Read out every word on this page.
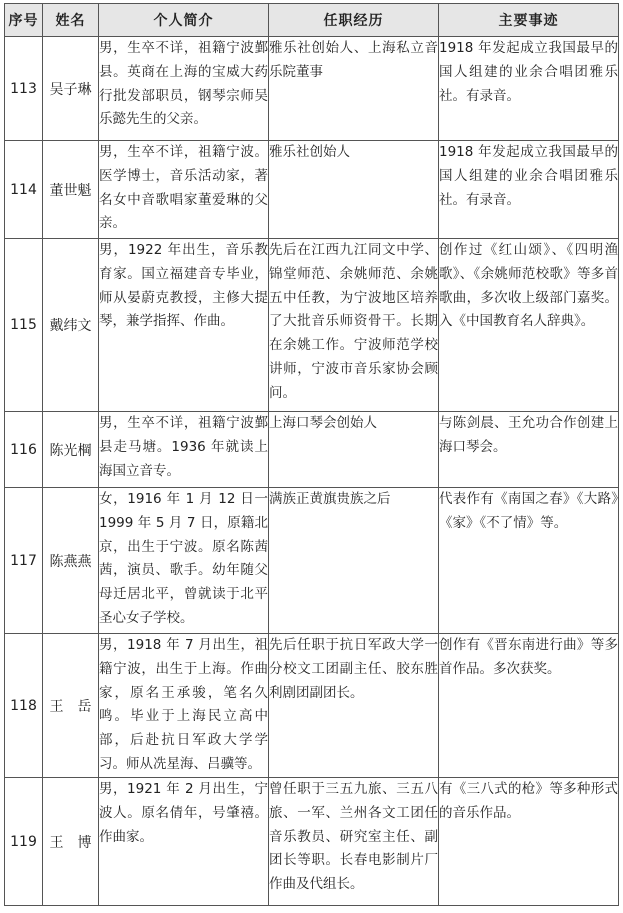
序号	姓名	个人简介	任职经历	主要事迹
113	吴子琳	男，生卒不详，祖籍宁波鄞县。英商在上海的宝威大药行批发部职员，钢琴宗师吴乐懿先生的父亲。	雅乐社创始人、上海私立音乐院董事	1918 年发起成立我国最早的国人组建的业余合唱团雅乐社。有录音。
114	董世魁	男，生卒不详，祖籍宁波。医学博士，音乐活动家，著名女中音歌唱家董爱琳的父亲。	雅乐社创始人	1918 年发起成立我国最早的国人组建的业余合唱团雅乐社。有录音。
115	戴纬文	男，1922 年出生，音乐教育家。国立福建音专毕业，师从晏蔚克教授，主修大提琴，兼学指挥、作曲。	先后在江西九江同文中学、锦堂师范、余姚师范、余姚五中任教，为宁波地区培养了大批音乐师资骨干。长期在余姚工作。宁波师范学校讲师，宁波市音乐家协会顾问。	创作过《红山颂》、《四明渔歌》、《余姚师范校歌》等多首歌曲，多次收上级部门嘉奖。入《中国教育名人辞典》。
116	陈光棡	男，生卒不详，祖籍宁波鄞县走马塘。1936 年就读上海国立音专。	上海口琴会创始人	与陈剑晨、王允功合作创建上海口琴会。
117	陈燕燕	女，1916 年 1 月 12 日一 1999 年 5 月 7 日，原籍北京，出生于宁波。原名陈茜茜，演员、歌手。幼年随父母迁居北平，曾就读于北平圣心女子学校。	满族正黄旗贵族之后	代表作有《南国之春》《大路》《家》《不了情》等。
118	王　岳	男，1918 年 7 月出生，祖籍宁波，出生于上海。作曲家，原名王承骏，笔名久鸣。毕业于上海民立高中部，后赴抗日军政大学学习。师从冼星海、吕骥等。	先后任职于抗日军政大学一分校文工团副主任、胶东胜利剧团副团长。	创作有《晋东南进行曲》等多首作品。多次获奖。
119	王　博	男，1921 年 2 月出生，宁波人。原名倩年，号肇禧。作曲家。	曾任职于三五九旅、三五八旅、一军、兰州各文工团任音乐教员、研究室主任、副团长等职。长春电影制片厂作曲及代组长。	有《三八式的枪》等多种形式的音乐作品。
